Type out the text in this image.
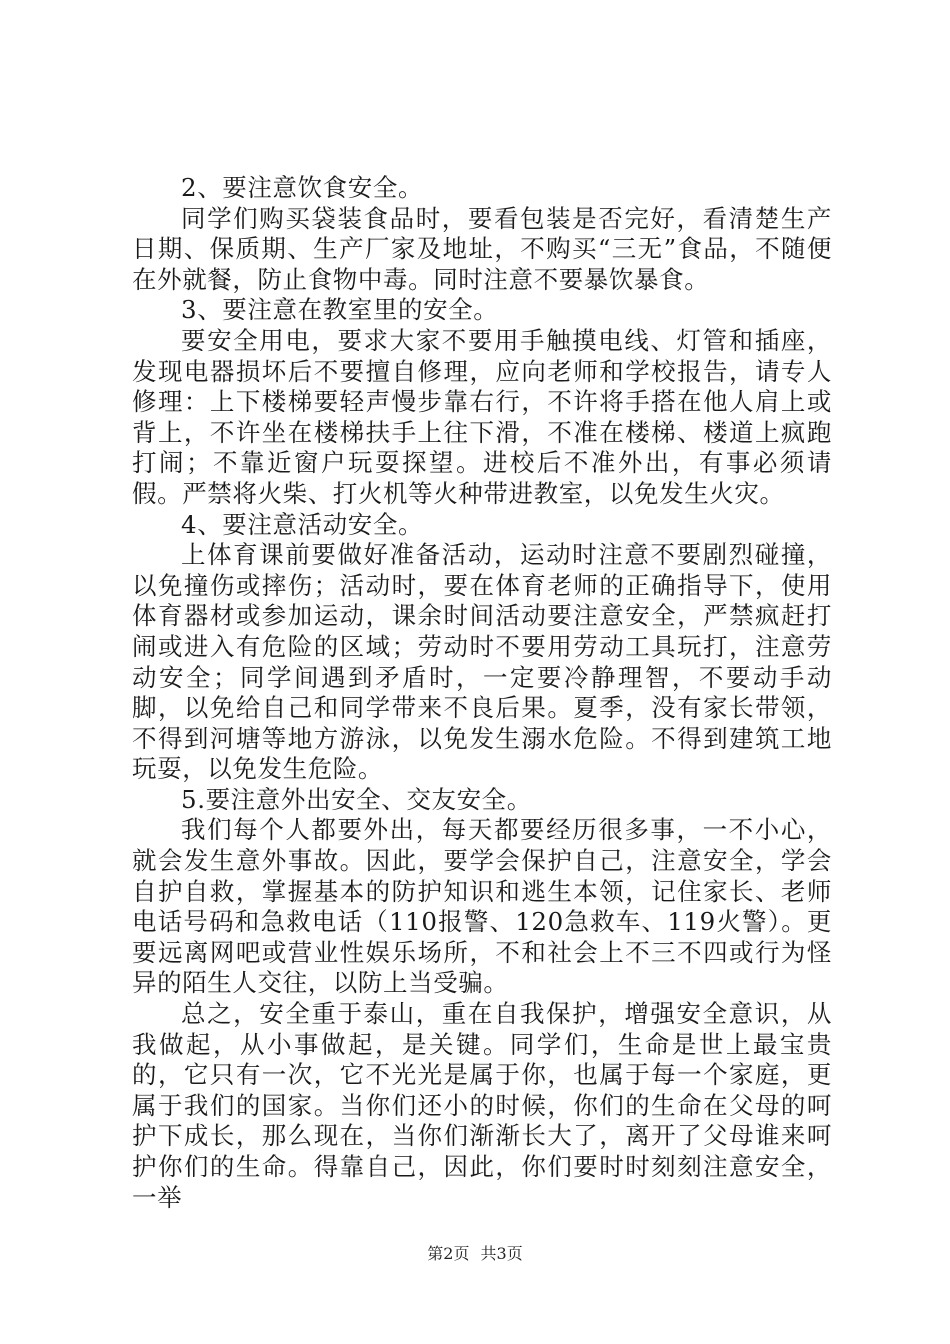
2、要注意饮食安全。

同学们购买袋装食品时，要看包装是否完好，看清楚生产日期、保质期、生产厂家及地址，不购买“三无”食品，不随便在外就餐，防止食物中毒。同时注意不要暴饮暴食。

3、要注意在教室里的安全。

要安全用电，要求大家不要用手触摸电线、灯管和插座，发现电器损坏后不要擅自修理，应向老师和学校报告，请专人修理：上下楼梯要轻声慢步靠右行，不许将手搭在他人肩上或背上，不许坐在楼梯扶手上往下滑，不准在楼梯、楼道上疯跑打闹；不靠近窗户玩耍探望。进校后不准外出，有事必须请假。严禁将火柴、打火机等火种带进教室，以免发生火灾。

4、要注意活动安全。

上体育课前要做好准备活动，运动时注意不要剧烈碰撞，以免撞伤或摔伤；活动时，要在体育老师的正确指导下，使用体育器材或参加运动，课余时间活动要注意安全，严禁疯赶打闹或进入有危险的区域；劳动时不要用劳动工具玩打，注意劳动安全；同学间遇到矛盾时，一定要冷静理智，不要动手动脚，以免给自己和同学带来不良后果。夏季，没有家长带领，不得到河塘等地方游泳，以免发生溺水危险。不得到建筑工地玩耍，以免发生危险。

5.要注意外出安全、交友安全。

我们每个人都要外出，每天都要经历很多事，一不小心，就会发生意外事故。因此，要学会保护自己，注意安全，学会自护自救，掌握基本的防护知识和逃生本领，记住家长、老师电话号码和急救电话（110报警、120急救车、119火警）。更要远离网吧或营业性娱乐场所，不和社会上不三不四或行为怪异的陌生人交往，以防上当受骗。

总之，安全重于泰山，重在自我保护，增强安全意识，从我做起，从小事做起，是关键。同学们，生命是世上最宝贵的，它只有一次，它不光光是属于你，也属于每一个家庭，更属于我们的国家。当你们还小的时候，你们的生命在父母的呵护下成长，那么现在，当你们渐渐长大了，离开了父母谁来呵护你们的生命。得靠自己，因此，你们要时时刻刻注意安全，一举

第2页 共3页
